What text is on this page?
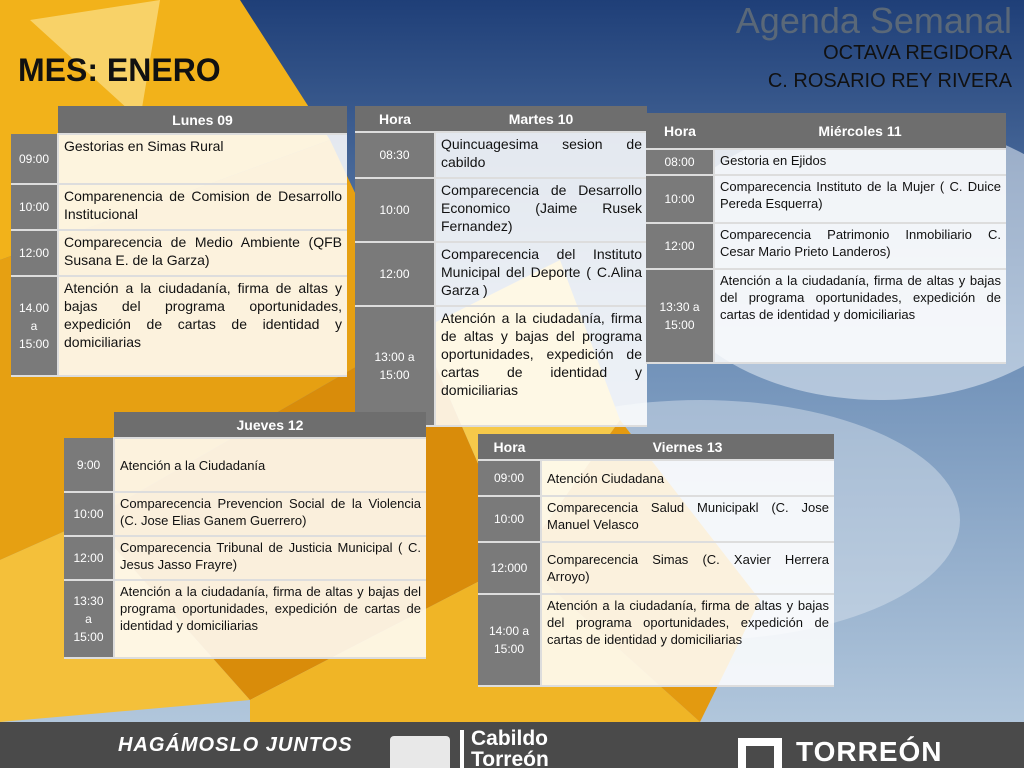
Agenda Semanal
OCTAVA REGIDORA
C. ROSARIO REY RIVERA
MES: ENERO
	Lunes 09
09:00	Gestorias en Simas Rural
10:00	Comparenencia de Comision de Desarrollo Institucional
12:00	Comparecencia de Medio Ambiente (QFB Susana E. de la Garza)
14.00 a 15:00	Atención a la ciudadanía, firma de altas y bajas del programa oportunidades, expedición de cartas de identidad y domiciliarias
Hora	Martes 10
08:30	Quincuagesima sesion de cabildo
10:00	Comparecencia de Desarrollo Economico (Jaime Rusek Fernandez)
12:00	Comparecencia del Instituto Municipal del Deporte ( C.Alina Garza )
13:00 a 15:00	Atención a la ciudadanía, firma de altas y bajas del programa oportunidades, expedición de cartas de identidad y domiciliarias
Hora	Miércoles 11
08:00	Gestoria en Ejidos
10:00	Comparecencia Instituto de la Mujer ( C. Duice Pereda Esquerra)
12:00	Comparecencia Patrimonio Inmobiliario C. Cesar Mario Prieto Landeros)
13:30 a 15:00	Atención a la ciudadanía, firma de altas y bajas del programa oportunidades, expedición de cartas de identidad y domiciliarias
	Jueves 12
9:00	Atención a la Ciudadanía
10:00	Comparecencia Prevencion Social de la Violencia (C. Jose Elias Ganem Guerrero)
12:00	Comparecencia Tribunal de Justicia Municipal ( C. Jesus Jasso Frayre)
13:30 a 15:00	Atención a la ciudadanía, firma de altas y bajas del programa oportunidades, expedición de cartas de identidad y domiciliarias
Hora	Viernes 13
09:00	Atención Ciudadana
10:00	Comparecencia Salud Municipakl (C. Jose Manuel Velasco
12:000	Comparecencia Simas (C. Xavier Herrera Arroyo)
14:00 a 15:00	Atención a la ciudadanía, firma de altas y bajas del programa oportunidades, expedición de cartas de identidad y domiciliarias
HAGÁMOSLO JUNTOS	Cabildo Torreón	TORREÓN
